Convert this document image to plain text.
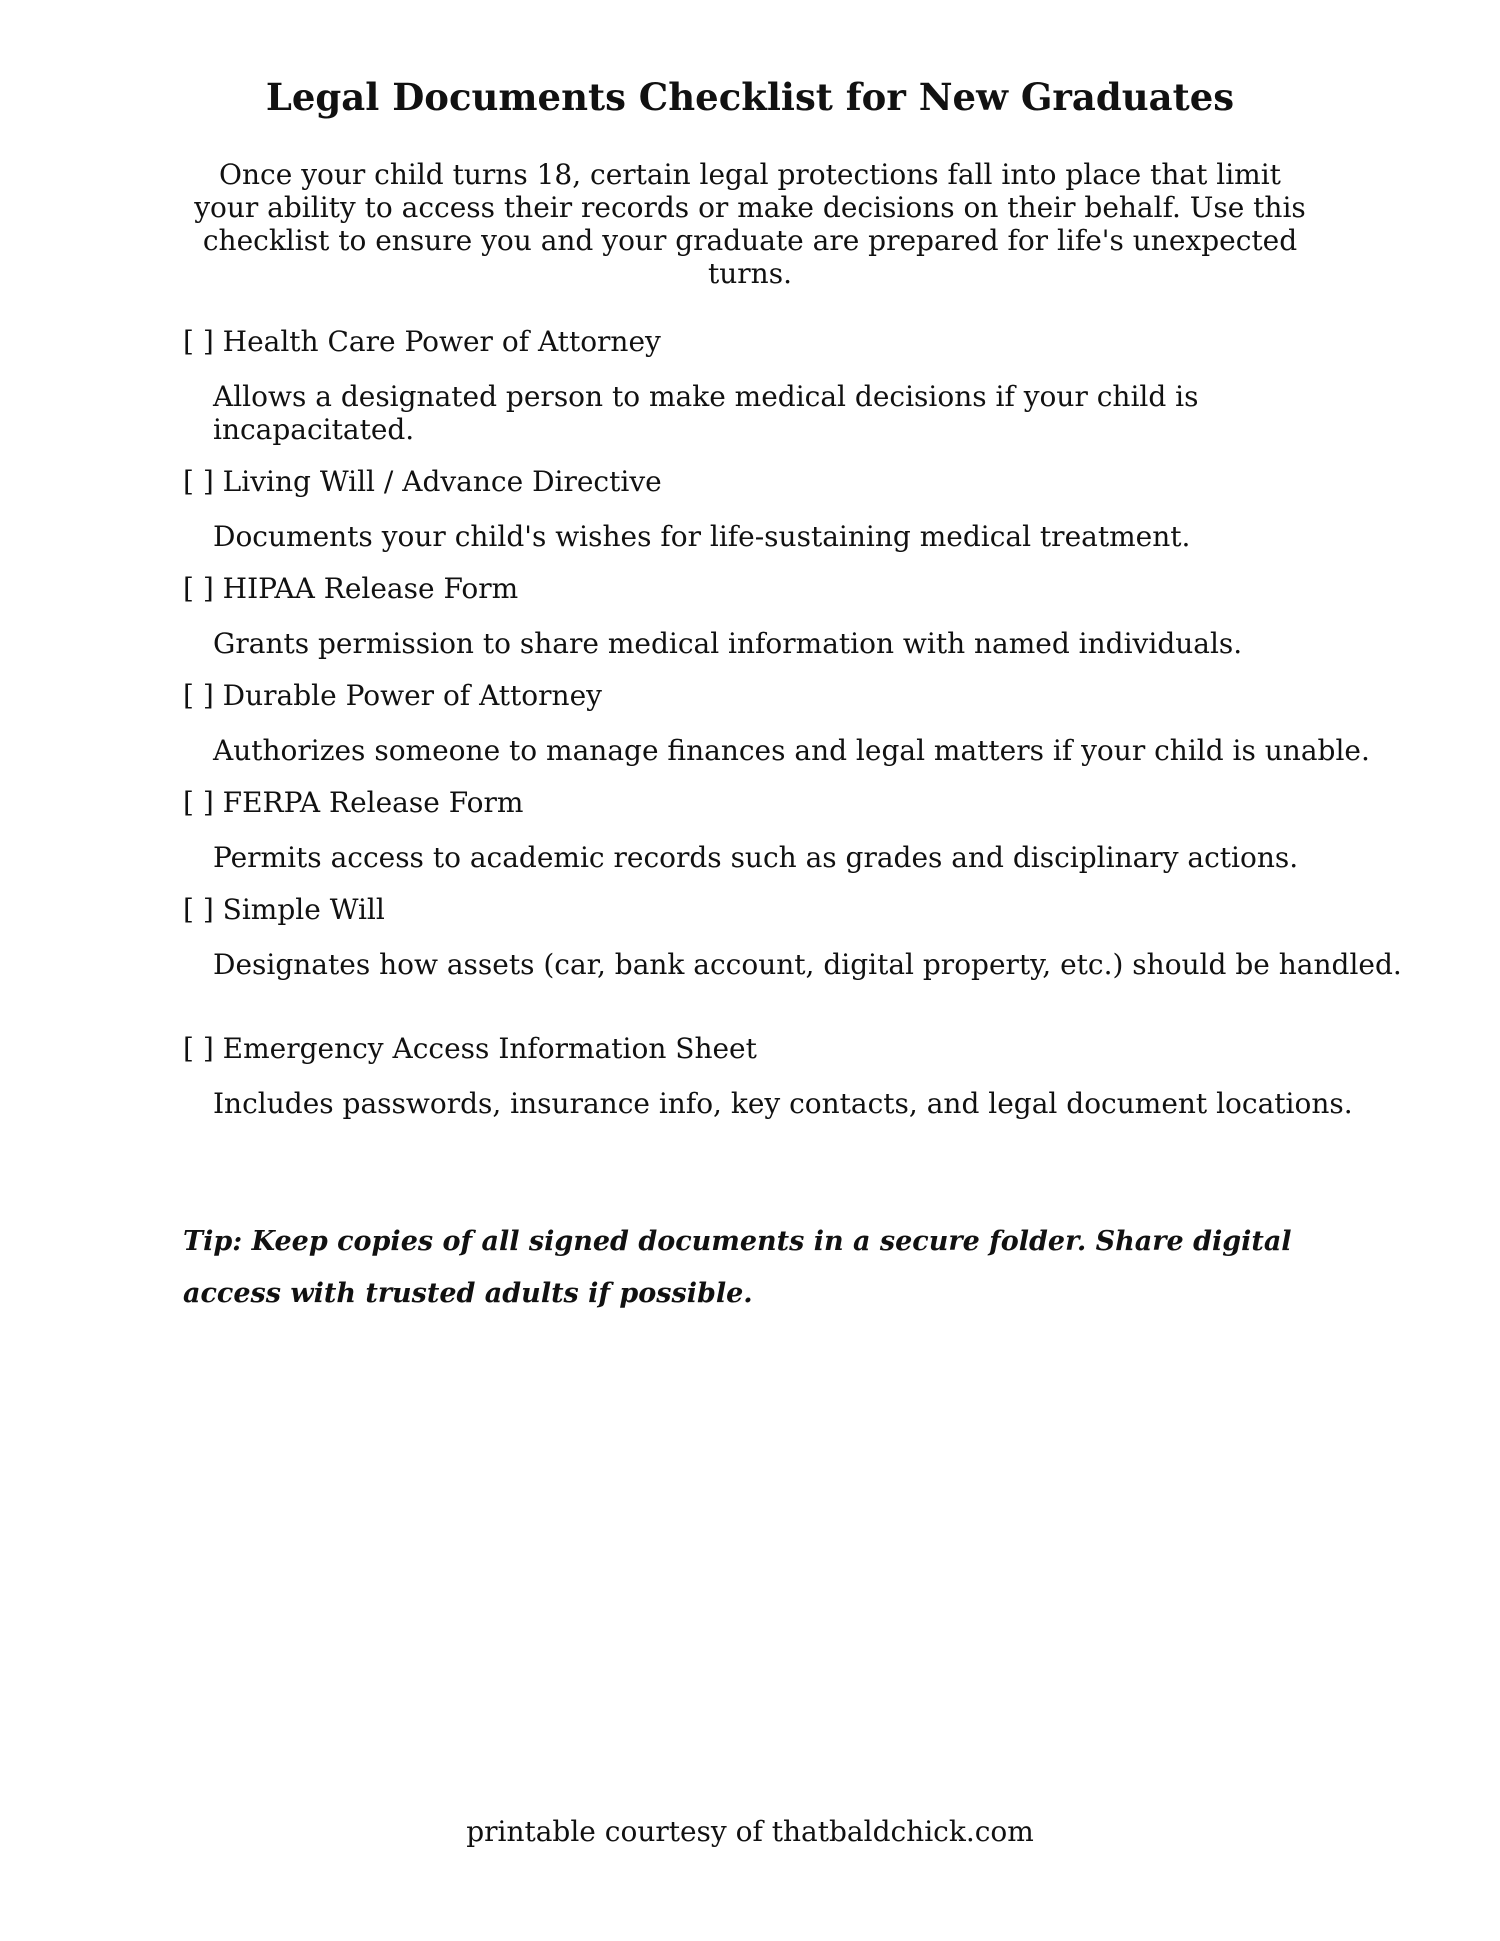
Legal Documents Checklist for New Graduates

Once your child turns 18, certain legal protections fall into place that limit your ability to access their records or make decisions on their behalf. Use this checklist to ensure you and your graduate are prepared for life's unexpected turns.

[ ] Health Care Power of Attorney
Allows a designated person to make medical decisions if your child is incapacitated.
[ ] Living Will / Advance Directive
Documents your child's wishes for life-sustaining medical treatment.
[ ] HIPAA Release Form
Grants permission to share medical information with named individuals.
[ ] Durable Power of Attorney
Authorizes someone to manage finances and legal matters if your child is unable.
[ ] FERPA Release Form
Permits access to academic records such as grades and disciplinary actions.
[ ] Simple Will
Designates how assets (car, bank account, digital property, etc.) should be handled.
[ ] Emergency Access Information Sheet
Includes passwords, insurance info, key contacts, and legal document locations.

Tip: Keep copies of all signed documents in a secure folder. Share digital access with trusted adults if possible.

printable courtesy of thatbaldchick.com
